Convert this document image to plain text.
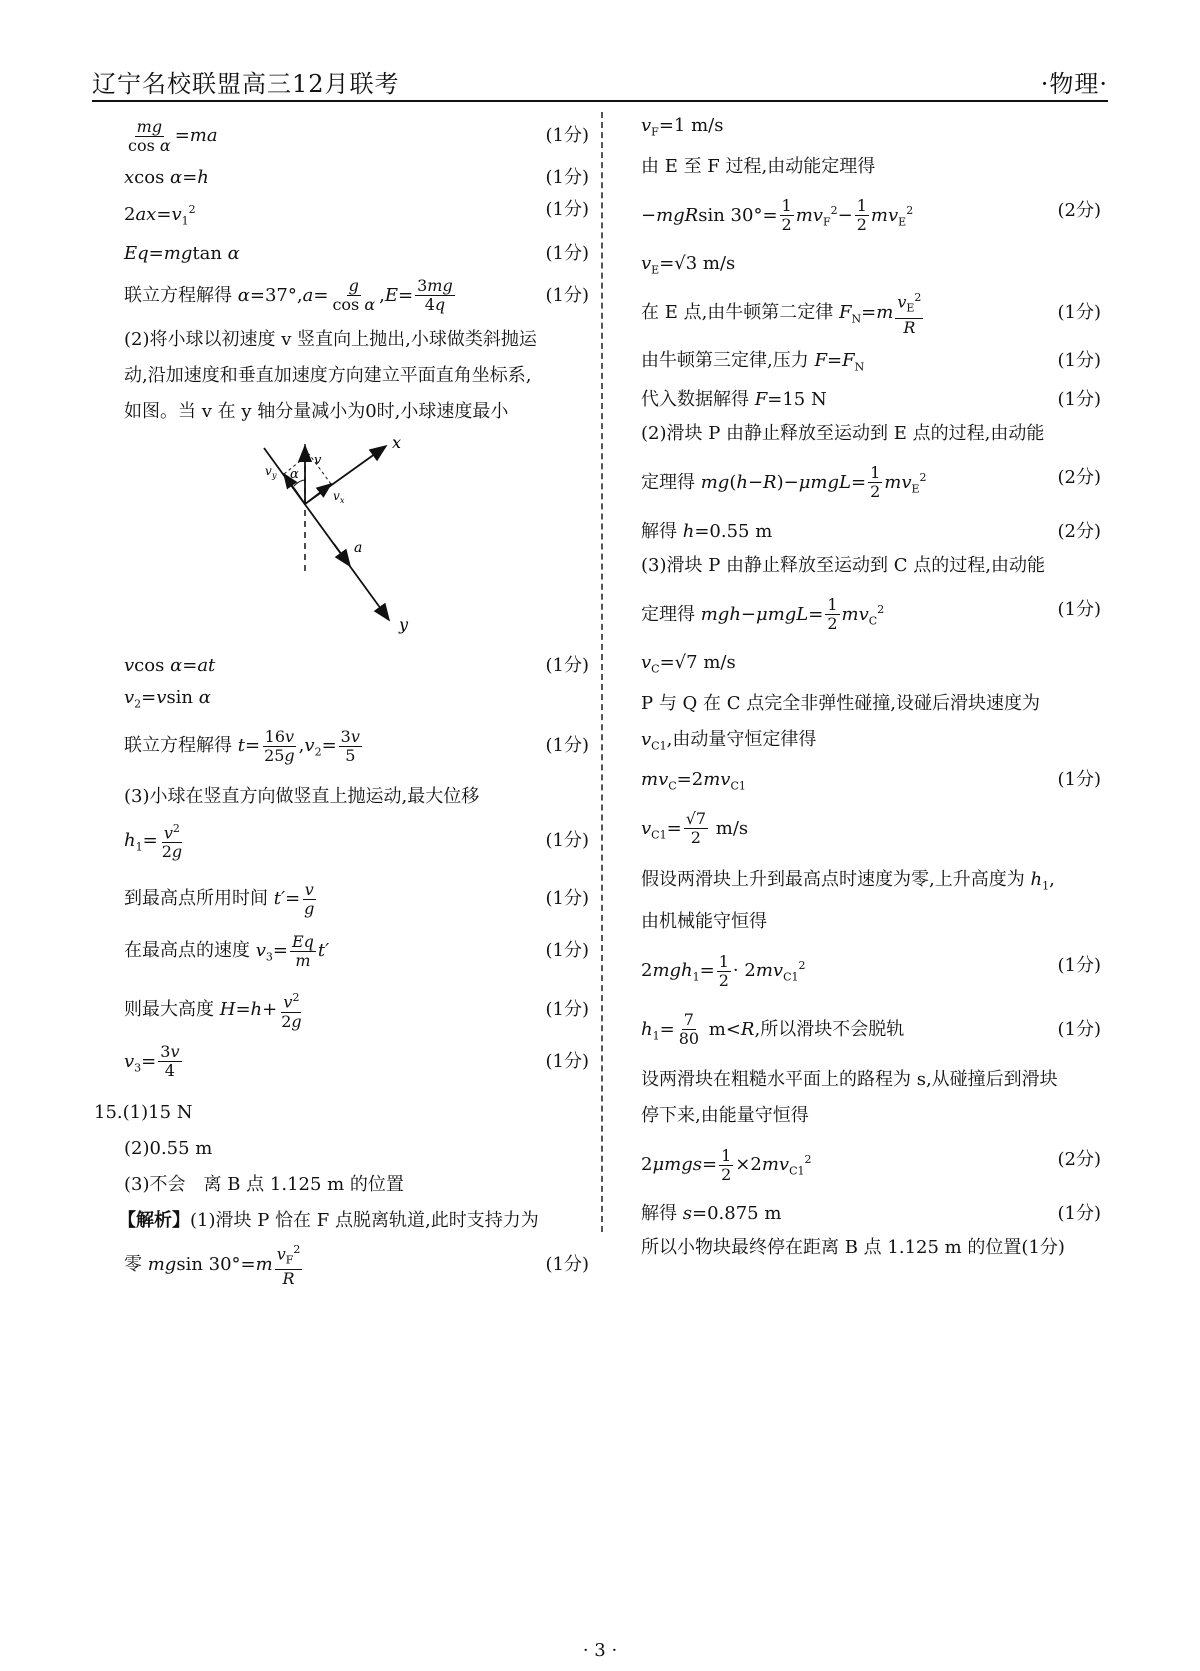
辽宁名校联盟高三12月联考	·物理·
$\frac{mg}{\text{cos α}} =ma$	(1分)
xcos α=h	(1分)
$2ax=v_1^2$	(1分)
Eq=mgtan α	(1分)
联立方程解得 $\alpha=37^\circ,a= \frac{g}{\text{cos α}} ,E= \frac{3mg}{4q}$	(1分)
(2)将小球以初速度 v 竖直向上抛出,小球做类斜抛运
动,沿加速度和垂直加速度方向建立平面直角坐标系,
如图。当 v 在 y 轴分量减小为0时,小球速度最小
x
y
v
v y
v x
α
a
vcos α=at	(1分)
$v_2=vsin$ α
联立方程解得 $t= \frac{16v}{25g} ,v_2= \frac{3v}{5}$	(1分)
(3)小球在竖直方向做竖直上抛运动,最大位移
$h_1= \frac{v^2}{2g}$	(1分)
到最高点所用时间 $t'= \frac{v}{g}$	(1分)
在最高点的速度 $v_3= \frac{Eq}{m} t'$	(1分)
则最大高度 $H=h+ \frac{v^2}{2g}$	(1分)
$v_3= \frac{3v}{4}$	(1分)
15.(1)15 N
(2)0.55 m
(3)不会　离 B 点 1.125 m 的位置
【解析】(1)滑块 P 恰在 F 点脱离轨道,此时支持力为
零 mgsin $30^\circ=m \frac{v_F^2}{R}$	(1分)
$v_F=1$ m/s
由 E 至 F 过程,由动能定理得
−mgRsin $30^\circ= \frac{1}{2} mv_F^2- \frac{1}{2} mv_E^2$	(2分)
$v_E=√3$ m/s
在 E 点,由牛顿第二定律 $F_N=m \frac{v_E^2}{R}$	(1分)
由牛顿第三定律,压力 $F=F_N$	(1分)
代入数据解得 F=15 N	(1分)
(2)滑块 P 由静止释放至运动到 E 点的过程,由动能
定理得 $mg(h-R)-\mu mgL= \frac{1}{2} mv_E^2$	(2分)
解得 h=0.55 m	(2分)
(3)滑块 P 由静止释放至运动到 C 点的过程,由动能
定理得 $mgh-\mu mgL= \frac{1}{2} mv_C^2$	(1分)
$v_C=√7$ m/s
P 与 Q 在 C 点完全非弹性碰撞,设碰后滑块速度为
$v_{C1}$,由动量守恒定律得
$mv_C=2mv_{C1}$	(1分)
$v_{C1}= \frac{√7}{2} m/s$
假设两滑块上升到最高点时速度为零,上升高度为 $h_1$,
由机械能守恒得
$2mgh_1= \frac{1}{2} \cdot 2mv_{C1}^2$	(1分)
$h_1= \frac{7}{80} m<R$,所以滑块不会脱轨	(1分)
设两滑块在粗糙水平面上的路程为 s,从碰撞后到滑块
停下来,由能量守恒得
$2\mu mgs= \frac{1}{2} \times 2mv_{C1}^2$	(2分)
解得 s=0.875 m	(1分)
所以小物块最终停在距离 B 点 1.125 m 的位置(1分)
· 3 ·
